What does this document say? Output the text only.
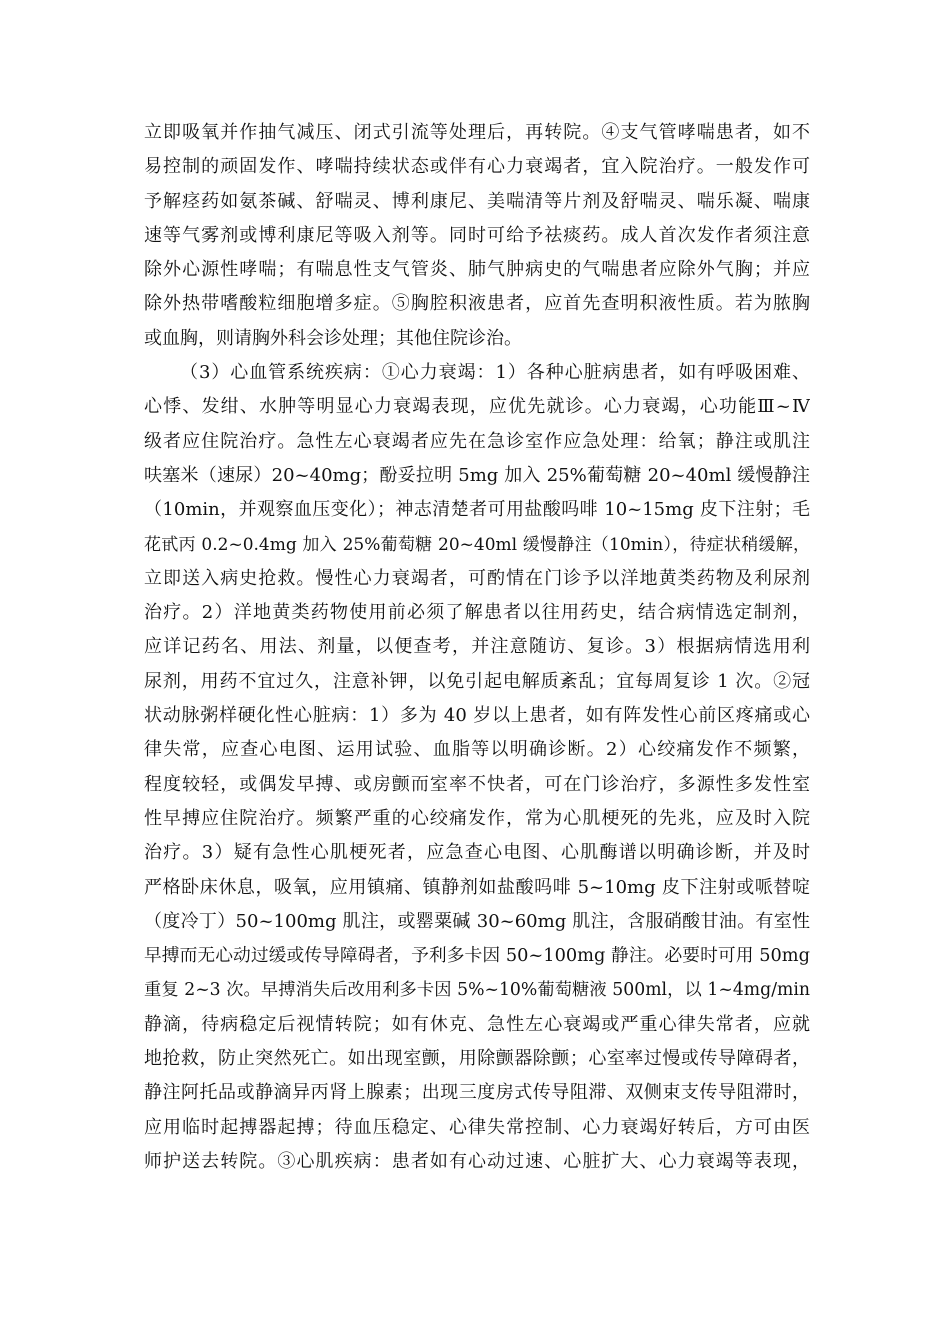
立即吸氧并作抽气减压、闭式引流等处理后，再转院。④支气管哮喘患者，如不
易控制的顽固发作、哮喘持续状态或伴有心力衰竭者，宜入院治疗。一般发作可
予解痉药如氨茶碱、舒喘灵、博利康尼、美喘清等片剂及舒喘灵、喘乐凝、喘康
速等气雾剂或博利康尼等吸入剂等。同时可给予祛痰药。成人首次发作者须注意
除外心源性哮喘；有喘息性支气管炎、肺气肿病史的气喘患者应除外气胸；并应
除外热带嗜酸粒细胞增多症。⑤胸腔积液患者，应首先查明积液性质。若为脓胸
或血胸，则请胸外科会诊处理；其他住院诊治。
（3）心血管系统疾病：①心力衰竭：1）各种心脏病患者，如有呼吸困难、
心悸、发绀、水肿等明显心力衰竭表现，应优先就诊。心力衰竭，心功能Ⅲ~Ⅳ
级者应住院治疗。急性左心衰竭者应先在急诊室作应急处理：给氧；静注或肌注
呋塞米（速尿）20~40mg；酚妥拉明 5mg 加入 25%葡萄糖 20~40ml 缓慢静注
（10min，并观察血压变化）；神志清楚者可用盐酸吗啡 10~15mg 皮下注射；毛
花甙丙 0.2~0.4mg 加入 25%葡萄糖 20~40ml 缓慢静注（10min），待症状稍缓解，
立即送入病史抢救。慢性心力衰竭者，可酌情在门诊予以洋地黄类药物及利尿剂
治疗。2）洋地黄类药物使用前必须了解患者以往用药史，结合病情选定制剂，
应详记药名、用法、剂量，以便查考，并注意随访、复诊。3）根据病情选用利
尿剂，用药不宜过久，注意补钾，以免引起电解质紊乱；宜每周复诊 1 次。②冠
状动脉粥样硬化性心脏病：1）多为 40 岁以上患者，如有阵发性心前区疼痛或心
律失常，应查心电图、运用试验、血脂等以明确诊断。2）心绞痛发作不频繁，
程度较轻，或偶发早搏、或房颤而室率不快者，可在门诊治疗，多源性多发性室
性早搏应住院治疗。频繁严重的心绞痛发作，常为心肌梗死的先兆，应及时入院
治疗。3）疑有急性心肌梗死者，应急查心电图、心肌酶谱以明确诊断，并及时
严格卧床休息，吸氧，应用镇痛、镇静剂如盐酸吗啡 5~10mg 皮下注射或哌替啶
（度冷丁）50~100mg 肌注，或罂粟碱 30~60mg 肌注，含服硝酸甘油。有室性
早搏而无心动过缓或传导障碍者，予利多卡因 50~100mg 静注。必要时可用 50mg
重复 2~3 次。早搏消失后改用利多卡因 5%~10%葡萄糖液 500ml，以 1~4mg/min
静滴，待病稳定后视情转院；如有休克、急性左心衰竭或严重心律失常者，应就
地抢救，防止突然死亡。如出现室颤，用除颤器除颤；心室率过慢或传导障碍者，
静注阿托品或静滴异丙肾上腺素；出现三度房式传导阻滞、双侧束支传导阻滞时，
应用临时起搏器起搏；待血压稳定、心律失常控制、心力衰竭好转后，方可由医
师护送去转院。③心肌疾病：患者如有心动过速、心脏扩大、心力衰竭等表现，
